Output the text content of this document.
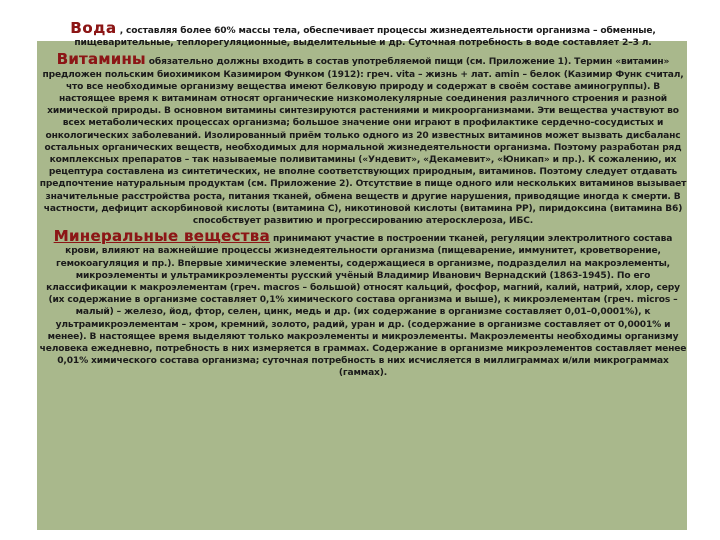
Вода , составляя более 60% массы тела, обеспечивает процессы жизнедеятельности организма – обменные, пищеварительные, теплорегуляционные, выделительные и др. Суточная потребность в воде составляет 2–3 л.

Витамины обязательно должны входить в состав употребляемой пищи (см. Приложение 1). Термин «витамин» предложен польским биохимиком Казимиром Функом (1912): греч. vita – жизнь + лат. amin – белок (Казимир Функ считал, что все необходимые организму вещества имеют белковую природу и содержат в своём составе аминогруппы). В настоящее время к витаминам относят органические низкомолекулярные соединения различного строения и разной химической природы. В основном витамины синтезируются растениями и микроорганизмами. Эти вещества участвуют во всех метаболических процессах организма; большое значение они играют в профилактике сердечно-сосудистых и онкологических заболеваний. Изолированный приём только одного из 20 известных витаминов может вызвать дисбаланс остальных органических веществ, необходимых для нормальной жизнедеятельности организма. Поэтому разработан ряд комплексных препаратов – так называемые поливитамины («Ундевит», «Декамевит», «Юникап» и пр.). К сожалению, их рецептура составлена из синтетических, не вполне соответствующих природным, витаминов. Поэтому следует отдавать предпочтение натуральным продуктам (см. Приложение 2). Отсутствие в пище одного или нескольких витаминов вызывает значительные расстройства роста, питания тканей, обмена веществ и другие нарушения, приводящие иногда к смерти. В частности, дефицит аскорбиновой кислоты (витамина C), никотиновой кислоты (витамина PP), пиридоксина (витамина B6) способствует развитию и прогрессированию атеросклероза, ИБС.

Минеральные вещества принимают участие в построении тканей, регуляции электролитного состава крови, влияют на важнейшие процессы жизнедеятельности организма (пищеварение, иммунитет, кроветворение, гемокоагуляция и пр.). Впервые химические элементы, содержащиеся в организме, подразделил на макроэлементы, микроэлементы и ультрамикроэлементы русский учёный Владимир Иванович Вернадский (1863-1945). По его классификации к макроэлементам (греч. macros – большой) относят кальций, фосфор, магний, калий, натрий, хлор, серу (их содержание в организме составляет 0,1% химического состава организма и выше), к микроэлементам (греч. micros – малый) – железо, йод, фтор, селен, цинк, медь и др. (их содержание в организме составляет 0,01–0,0001%), к ультрамикроэлементам – хром, кремний, золото, радий, уран и др. (содержание в организме составляет от 0,0001% и менее). В настоящее время выделяют только макроэлементы и микроэлементы. Макроэлементы необходимы организму человека ежедневно, потребность в них измеряется в граммах. Содержание в организме микроэлементов составляет менее 0,01% химического состава организма; суточная потребность в них исчисляется в миллиграммах и/или микрограммах (гаммах).
